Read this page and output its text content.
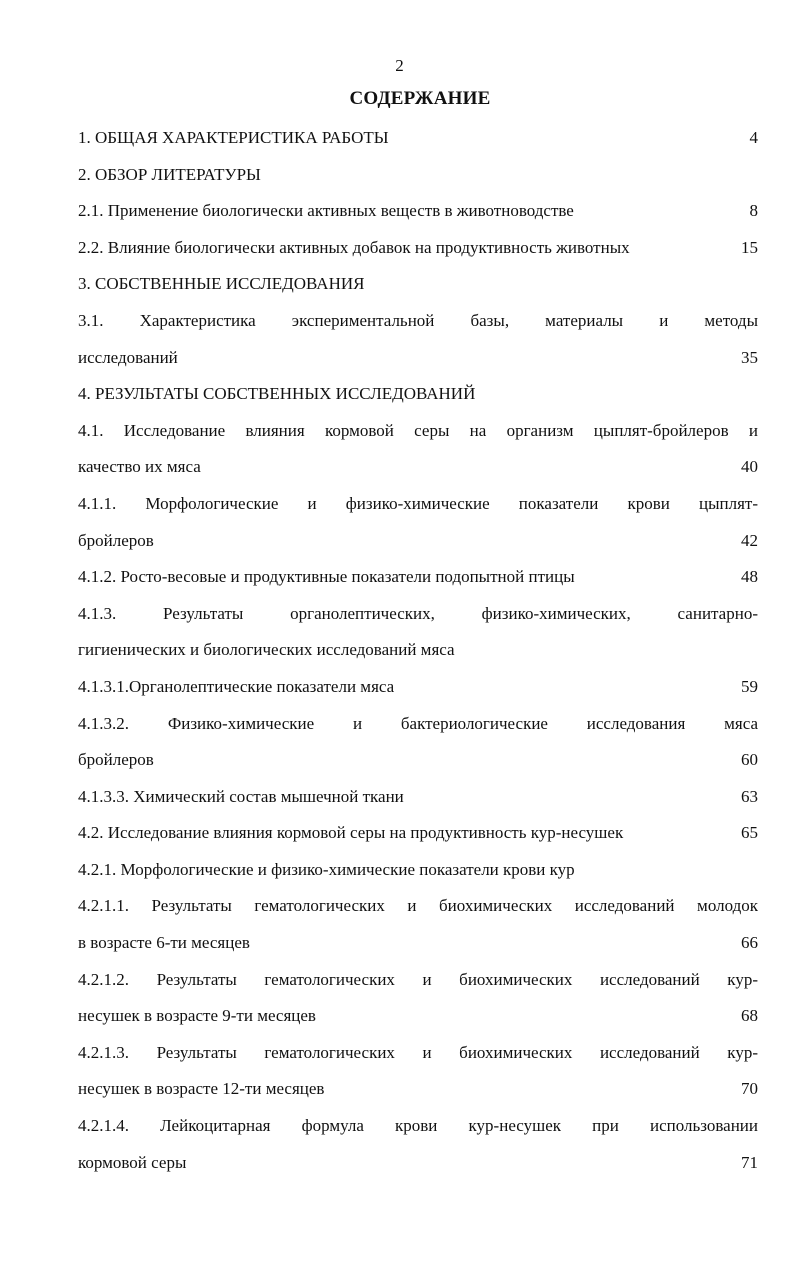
2
СОДЕРЖАНИЕ
1. ОБЩАЯ ХАРАКТЕРИСТИКА РАБОТЫ	4
2. ОБЗОР ЛИТЕРАТУРЫ
2.1. Применение биологически активных веществ в животноводстве	8
2.2. Влияние биологически активных добавок на продуктивность животных	15
3. СОБСТВЕННЫЕ ИССЛЕДОВАНИЯ
3.1. Характеристика экспериментальной базы, материалы и методы
исследований	35
4. РЕЗУЛЬТАТЫ СОБСТВЕННЫХ ИССЛЕДОВАНИЙ
4.1. Исследование влияния кормовой серы на организм цыплят-бройлеров и
качество их мяса	40
4.1.1. Морфологические и физико-химические показатели крови цыплят-
бройлеров	42
4.1.2. Росто-весовые и продуктивные показатели подопытной птицы	48
4.1.3. Результаты органолептических, физико-химических, санитарно-
гигиенических и биологических исследований мяса
4.1.3.1.Органолептические показатели мяса	59
4.1.3.2. Физико-химические и бактериологические исследования мяса
бройлеров	60
4.1.3.3. Химический состав мышечной ткани	63
4.2. Исследование влияния кормовой серы на продуктивность кур-несушек	65
4.2.1. Морфологические и физико-химические показатели крови кур
4.2.1.1. Результаты гематологических и биохимических исследований молодок
в возрасте 6-ти месяцев	66
4.2.1.2. Результаты гематологических и биохимических исследований кур-
несушек в возрасте 9-ти месяцев	68
4.2.1.3. Результаты гематологических и биохимических исследований кур-
несушек в возрасте 12-ти месяцев	70
4.2.1.4. Лейкоцитарная формула крови кур-несушек при использовании
кормовой серы	71
